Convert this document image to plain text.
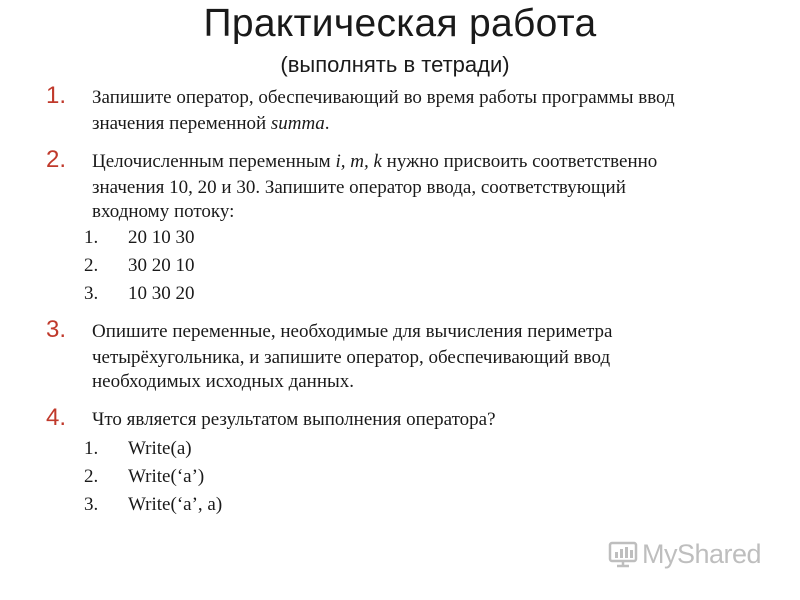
Практическая работа
(выполнять в тетради)
1. Запишите оператор, обеспечивающий во время работы программы ввод
значения переменной summa.
2. Целочисленным переменным i, m, k нужно присвоить соответственно
значения 10, 20 и 30. Запишите оператор ввода, соответствующий
входному потоку:
1. 20 10 30
2. 30 20 10
3. 10 30 20
3. Опишите переменные, необходимые для вычисления периметра
четырёхугольника, и запишите оператор, обеспечивающий ввод
необходимых исходных данных.
4. Что является результатом выполнения оператора?
1. Write(a)
2. Write(‘a’)
3. Write(‘a’, a)
MyShared
